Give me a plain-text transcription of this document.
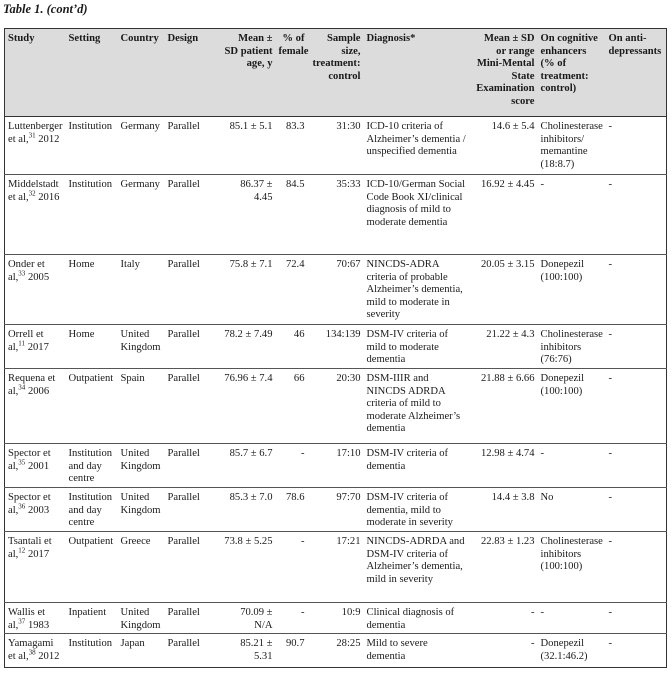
Table 1. (cont’d)
Study	Setting	Country	Design	Mean ± SD patient age, y	% of female	Sample size, treatment: control	Diagnosis*	Mean ± SD or range Mini-Mental State Examination score	On cognitive enhancers (% of treatment: control)	On anti-depressants
Luttenberger et al,$^{31}$ 2012	Institution	Germany	Parallel	85.1 ± 5.1	83.3	31:30	ICD-10 criteria of Alzheimer’s dementia / unspecified dementia	14.6 ± 5.4	Cholinesterase inhibitors/ memantine (18:8.7)	-
Middelstadt et al,$^{32}$ 2016	Institution	Germany	Parallel	86.37 ± 4.45	84.5	35:33	ICD-10/German Social Code Book XI/clinical diagnosis of mild to moderate dementia	16.92 ± 4.45	-	-
Onder et al,$^{33}$ 2005	Home	Italy	Parallel	75.8 ± 7.1	72.4	70:67	NINCDS-ADRA criteria of probable Alzheimer’s dementia, mild to moderate in severity	20.05 ± 3.15	Donepezil (100:100)	-
Orrell et al,$^{11}$ 2017	Home	United Kingdom	Parallel	78.2 ± 7.49	46	134:139	DSM-IV criteria of mild to moderate dementia	21.22 ± 4.3	Cholinesterase inhibitors (76:76)	-
Requena et al,$^{34}$ 2006	Outpatient	Spain	Parallel	76.96 ± 7.4	66	20:30	DSM-IIIR and NINCDS ADRDA criteria of mild to moderate Alzheimer’s dementia	21.88 ± 6.66	Donepezil (100:100)	-
Spector et al,$^{35}$ 2001	Institution and day centre	United Kingdom	Parallel	85.7 ± 6.7	-	17:10	DSM-IV criteria of dementia	12.98 ± 4.74	-	-
Spector et al,$^{36}$ 2003	Institution and day centre	United Kingdom	Parallel	85.3 ± 7.0	78.6	97:70	DSM-IV criteria of dementia, mild to moderate in severity	14.4 ± 3.8	No	-
Tsantali et al,$^{12}$ 2017	Outpatient	Greece	Parallel	73.8 ± 5.25	-	17:21	NINCDS-ADRDA and DSM-IV criteria of Alzheimer’s dementia, mild in severity	22.83 ± 1.23	Cholinesterase inhibitors (100:100)	-
Wallis et al,$^{37}$ 1983	Inpatient	United Kingdom	Parallel	70.09 ± N/A	-	10:9	Clinical diagnosis of dementia	-	-	-
Yamagami et al,$^{38}$ 2012	Institution	Japan	Parallel	85.21 ± 5.31	90.7	28:25	Mild to severe dementia	-	Donepezil (32.1:46.2)	-
